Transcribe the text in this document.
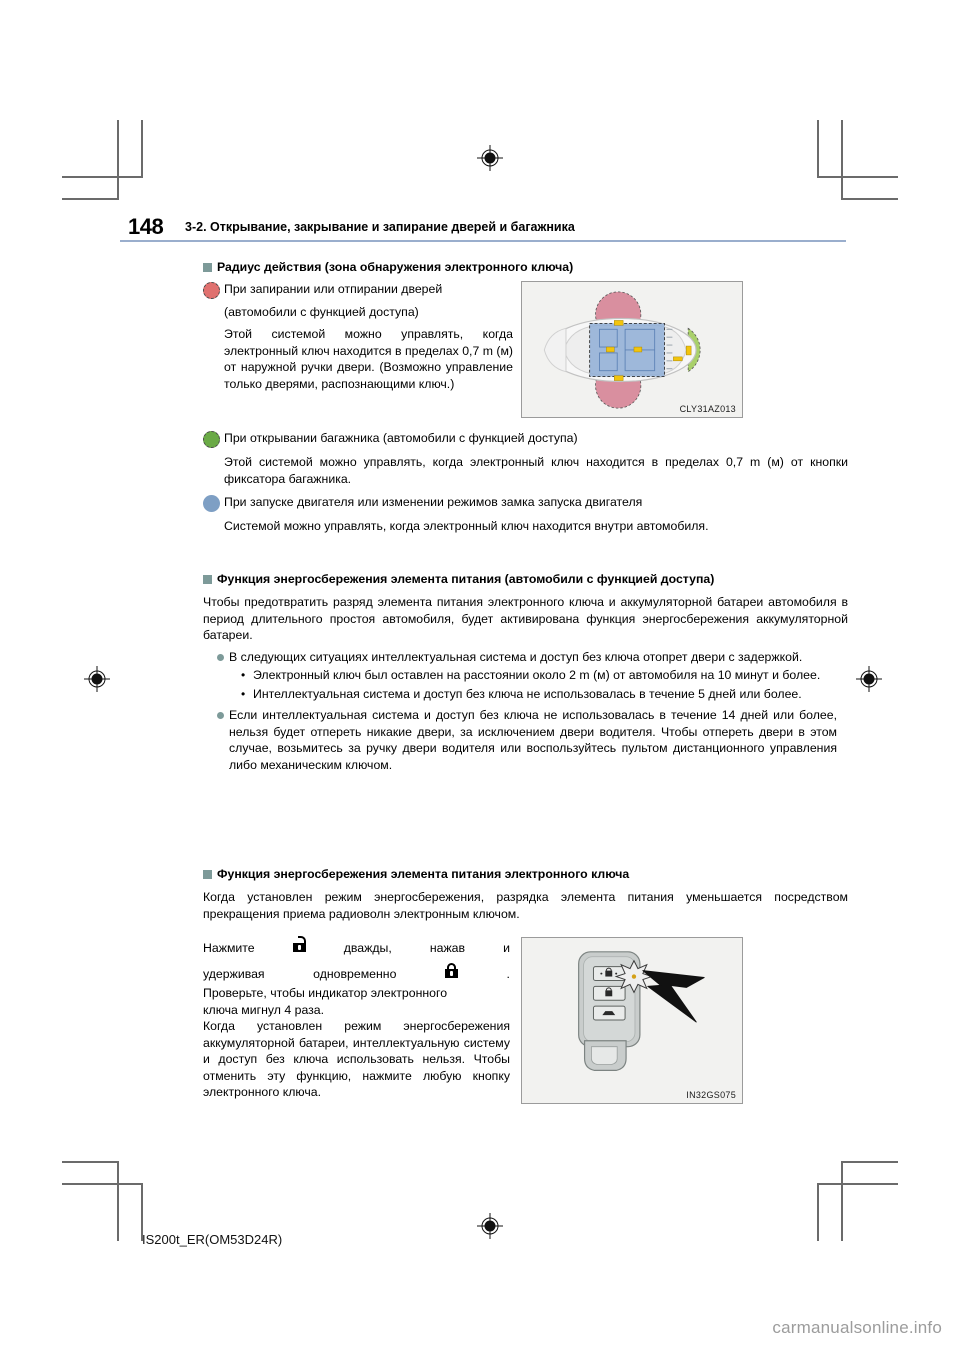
148 3-2. Открывание, закрывание и запирание дверей и багажника
Радиус действия (зона обнаружения электронного ключа)
CLY31AZ013
При запирании или отпирании дверей
(автомобили с функцией доступа)
Этой системой можно управлять, когда электронный ключ находится в пределах 0,7 m (м) от наружной ручки двери. (Возможно управление только дверями, распознающими ключ.)
При открывании багажника (автомобили с функцией доступа)
Этой системой можно управлять, когда электронный ключ находится в пределах 0,7 m (м) от кнопки фиксатора багажника.
При запуске двигателя или изменении режимов замка запуска двигателя
Системой можно управлять, когда электронный ключ находится внутри автомобиля.
Функция энергосбережения элемента питания (автомобили с функцией доступа)
Чтобы предотвратить разряд элемента питания электронного ключа и аккумуляторной батареи автомобиля в период длительного простоя автомобиля, будет активирована функция энергосбережения аккумуляторной батареи.
В следующих ситуациях интеллектуальная система и доступ без ключа отопрет двери с задержкой.
• Электронный ключ был оставлен на расстоянии около 2 m (м) от автомобиля на 10 минут и более.
• Интеллектуальная система и доступ без ключа не использовалась в течение 5 дней или более.
Если интеллектуальная система и доступ без ключа не использовалась в течение 14 дней или более, нельзя будет отпереть никакие двери, за исключением двери водителя. Чтобы отпереть двери в этом случае, возьмитесь за ручку двери водителя или воспользуйтесь пультом дистанционного управления либо механическим ключом.
Функция энергосбережения элемента питания электронного ключа
Когда установлен режим энергосбережения, разрядка элемента питания уменьшается посредством прекращения приема радиоволн электронным ключом.
IN32GS075
Нажмите	дважды,	нажав	и
удерживая	одновременно	.
Проверьте, чтобы индикатор электронного
ключа мигнул 4 раза.
Когда установлен режим энергосбережения аккумуляторной батареи, интеллектуальную систему и доступ без ключа использовать нельзя. Чтобы отменить эту функцию, нажмите любую кнопку электронного ключа.
IS200t_ER(OM53D24R)
carmanualsonline.info
